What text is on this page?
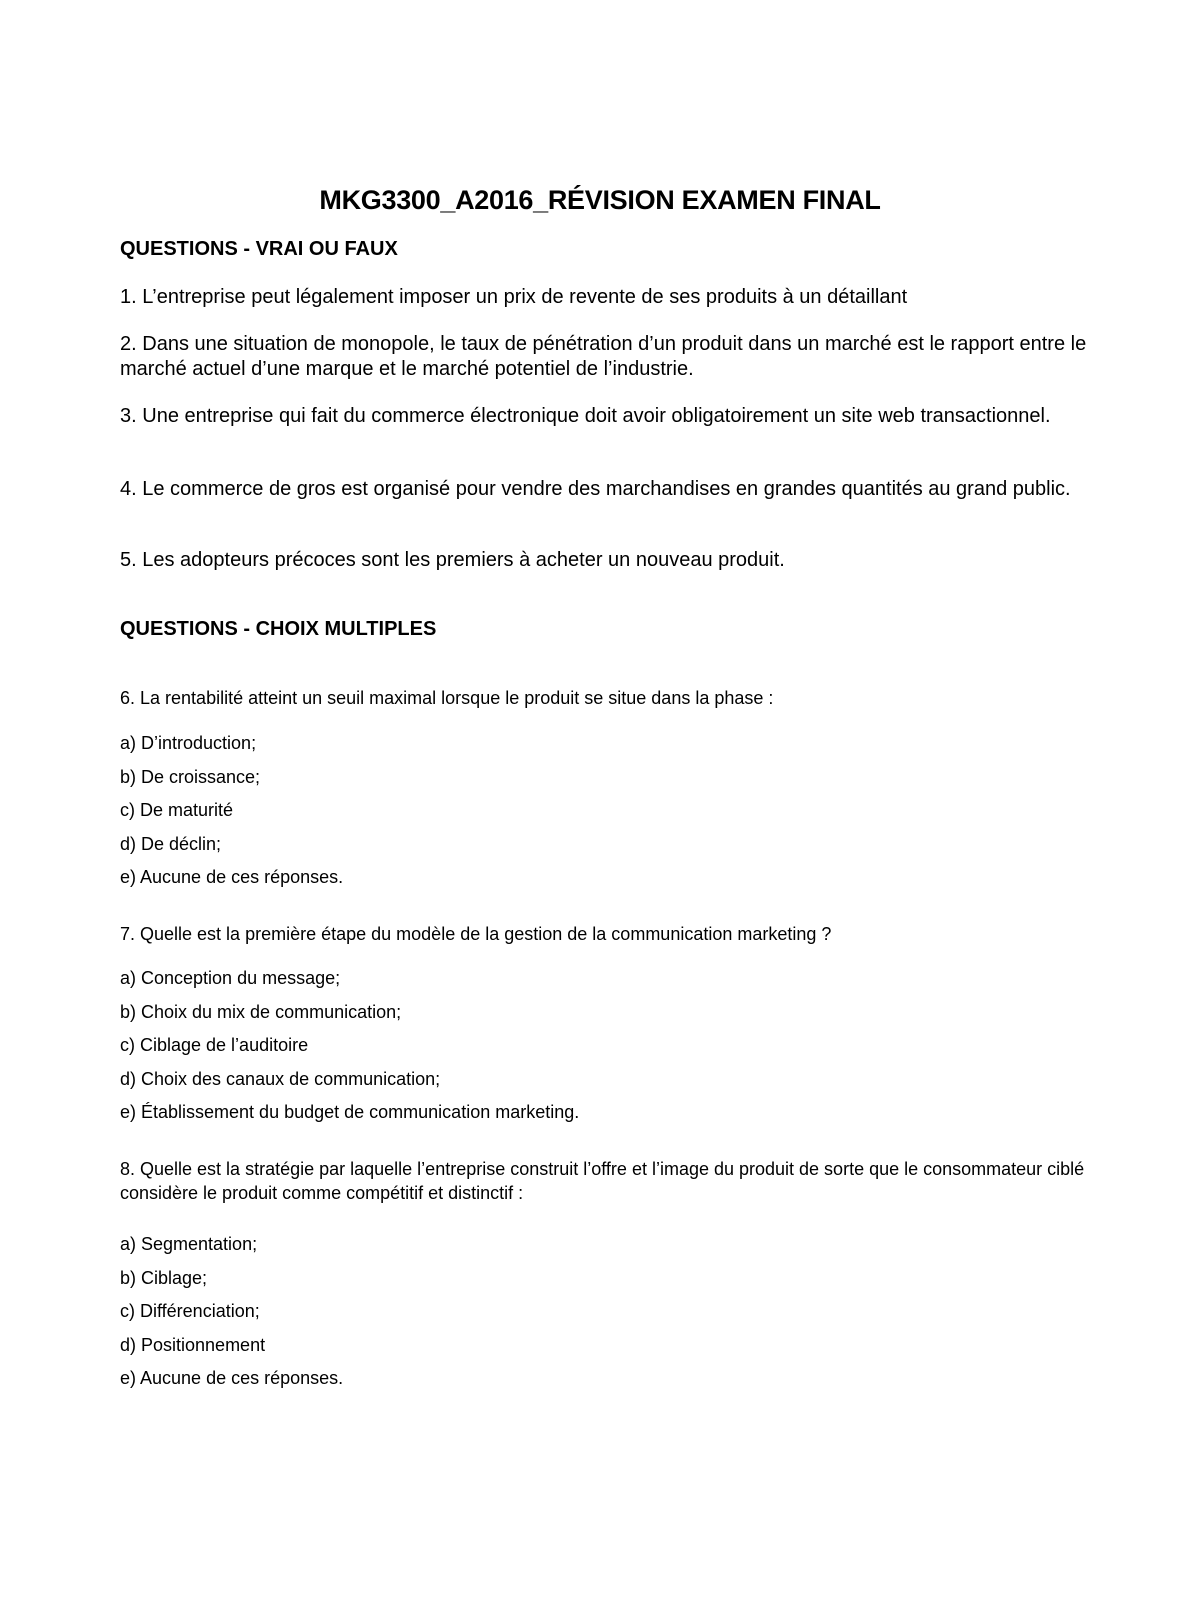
MKG3300_A2016_RÉVISION EXAMEN FINAL
QUESTIONS - VRAI OU FAUX
1. L’entreprise peut légalement imposer un prix de revente de ses produits à un détaillant
2. Dans une situation de monopole, le taux de pénétration d’un produit dans un marché est le rapport entre le marché actuel d’une marque et le marché potentiel de l’industrie.
3. Une entreprise qui fait du commerce électronique doit avoir obligatoirement un site web transactionnel.
4. Le commerce de gros est organisé pour vendre des marchandises en grandes quantités au grand public.
5. Les adopteurs précoces sont les premiers à acheter un nouveau produit.
QUESTIONS - CHOIX MULTIPLES
6. La rentabilité atteint un seuil maximal lorsque le produit se situe dans la phase :
a) D’introduction;
b) De croissance;
c) De maturité
d) De déclin;
e) Aucune de ces réponses.
7. Quelle est la première étape du modèle de la gestion de la communication marketing ?
a) Conception du message;
b) Choix du mix de communication;
c) Ciblage de l’auditoire
d) Choix des canaux de communication;
e) Établissement du budget de communication marketing.
8. Quelle est la stratégie par laquelle l’entreprise construit l’offre et l’image du produit de sorte que le consommateur ciblé considère le produit comme compétitif et distinctif :
a) Segmentation;
b) Ciblage;
c) Différenciation;
d) Positionnement
e) Aucune de ces réponses.
